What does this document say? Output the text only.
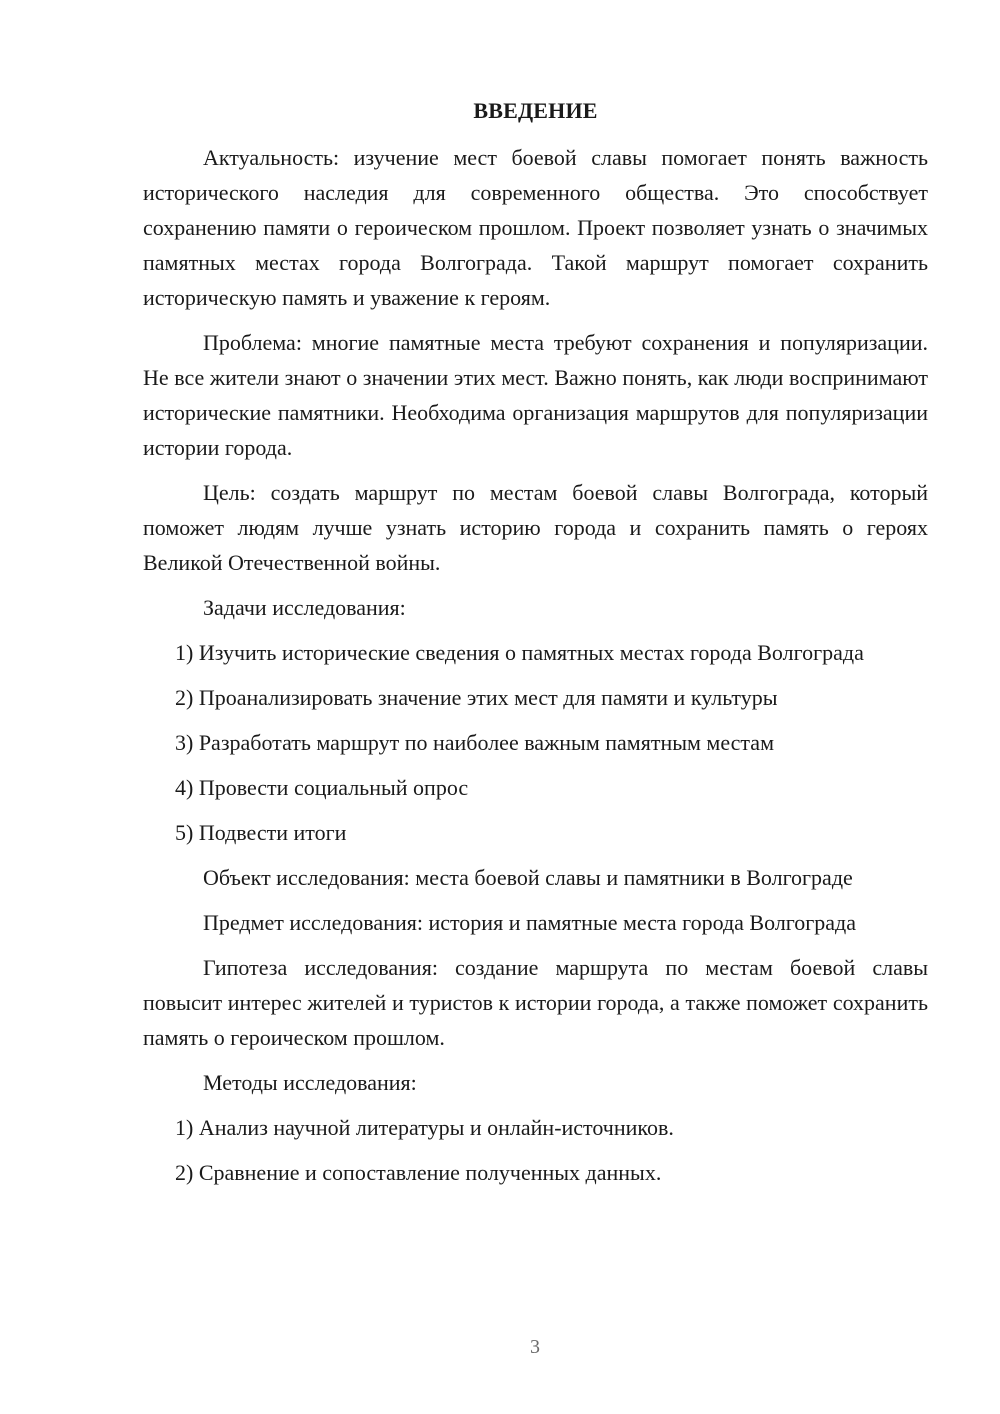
ВВЕДЕНИЕ

Актуальность: изучение мест боевой славы помогает понять важность исторического наследия для современного общества. Это способствует сохранению памяти о героическом прошлом. Проект позволяет узнать о значимых памятных местах города Волгограда. Такой маршрут помогает сохранить историческую память и уважение к героям.

Проблема: многие памятные места требуют сохранения и популяризации. Не все жители знают о значении этих мест. Важно понять, как люди воспринимают исторические памятники. Необходима организация маршрутов для популяризации истории города.

Цель: создать маршрут по местам боевой славы Волгограда, который поможет людям лучше узнать историю города и сохранить память о героях Великой Отечественной войны.

Задачи исследования:

1) Изучить исторические сведения о памятных местах города Волгограда

2) Проанализировать значение этих мест для памяти и культуры

3) Разработать маршрут по наиболее важным памятным местам

4) Провести социальный опрос

5) Подвести итоги

Объект исследования: места боевой славы и памятники в Волгограде

Предмет исследования: история и памятные места города Волгограда

Гипотеза исследования: создание маршрута по местам боевой славы повысит интерес жителей и туристов к истории города, а также поможет сохранить память о героическом прошлом.

Методы исследования:

1) Анализ научной литературы и онлайн-источников.

2) Сравнение и сопоставление полученных данных.

3
